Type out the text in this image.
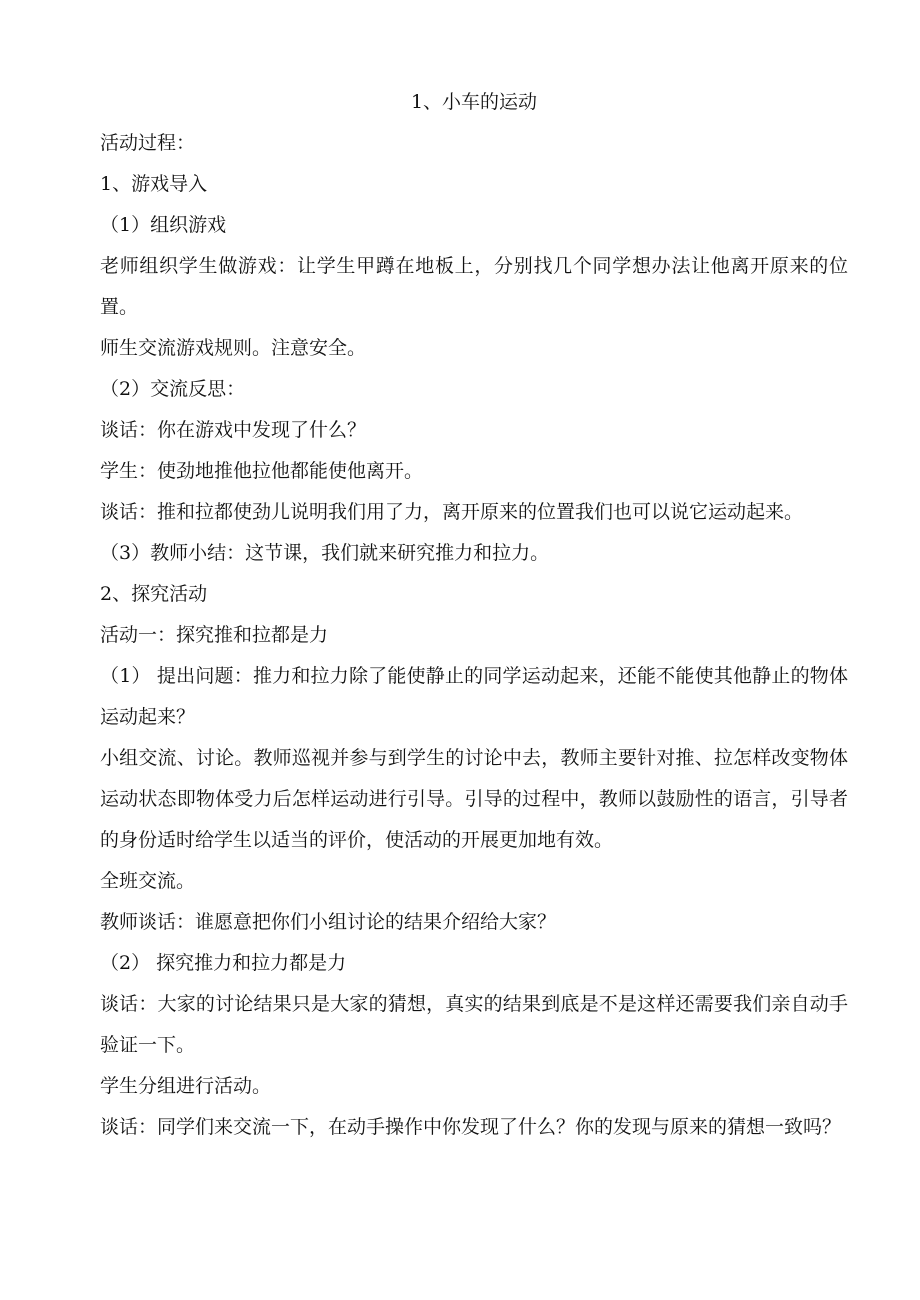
1、小车的运动

活动过程：

1、游戏导入

（1）组织游戏

老师组织学生做游戏：让学生甲蹲在地板上，分别找几个同学想办法让他离开原来的位置。

师生交流游戏规则。注意安全。

（2）交流反思：

谈话：你在游戏中发现了什么？

学生：使劲地推他拉他都能使他离开。

谈话：推和拉都使劲儿说明我们用了力，离开原来的位置我们也可以说它运动起来。

（3）教师小结：这节课，我们就来研究推力和拉力。

2、探究活动

活动一：探究推和拉都是力

（1） 提出问题：推力和拉力除了能使静止的同学运动起来，还能不能使其他静止的物体运动起来？

小组交流、讨论。教师巡视并参与到学生的讨论中去，教师主要针对推、拉怎样改变物体运动状态即物体受力后怎样运动进行引导。引导的过程中，教师以鼓励性的语言，引导者的身份适时给学生以适当的评价，使活动的开展更加地有效。

全班交流。

教师谈话：谁愿意把你们小组讨论的结果介绍给大家？

（2） 探究推力和拉力都是力

谈话：大家的讨论结果只是大家的猜想，真实的结果到底是不是这样还需要我们亲自动手验证一下。

学生分组进行活动。

谈话：同学们来交流一下，在动手操作中你发现了什么？你的发现与原来的猜想一致吗？
